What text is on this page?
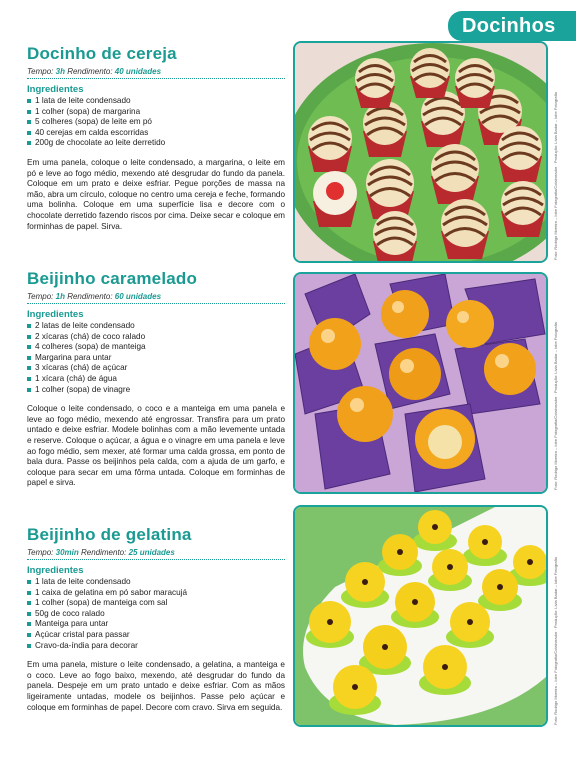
Docinhos
Docinho de cereja
Tempo: 3h Rendimento: 40 unidades
Ingredientes
1 lata de leite condensado
1 colher (sopa) de margarina
5 colheres (sopa) de leite em pó
40 cerejas em calda escorridas
200g de chocolate ao leite derretido

Em uma panela, coloque o leite condensado, a margarina, o leite em pó e leve ao fogo médio, mexendo até desgrudar do fundo da panela. Coloque em um prato e deixe esfriar. Pegue porções de massa na mão, abra um círculo, coloque no centro uma cereja e feche, formando uma bolinha. Coloque em uma superfície lisa e decore com o chocolate derretido fazendo riscos por cima. Deixe secar e coloque em forminhas de papel. Sirva.	Foto: Rodrigo Moreira – Iobe Fotografia/Colaborador · Produção: Lívia Badar – Iobe Fotografia
Beijinho caramelado
Tempo: 1h Rendimento: 60 unidades
Ingredientes
2 latas de leite condensado
2 xícaras (chá) de coco ralado
4 colheres (sopa) de manteiga
Margarina para untar
3 xícaras (chá) de açúcar
1 xícara (chá) de água
1 colher (sopa) de vinagre

Coloque o leite condensado, o coco e a manteiga em uma panela e leve ao fogo médio, mexendo até engrossar. Transfira para um prato untado e deixe esfriar. Modele bolinhas com a mão levemente untada e reserve. Coloque o açúcar, a água e o vinagre em uma panela e leve ao fogo médio, sem mexer, até formar uma calda grossa, em ponto de bala dura. Passe os beijinhos pela calda, com a ajuda de um garfo, e coloque para secar em uma fôrma untada. Coloque em forminhas de papel e sirva.	Foto: Rodrigo Moreira – Iobe Fotografia/Colaborador · Produção: Lívia Badar – Iobe Fotografia
Beijinho de gelatina
Tempo: 30min Rendimento: 25 unidades
Ingredientes
1 lata de leite condensado
1 caixa de gelatina em pó sabor maracujá
1 colher (sopa) de manteiga com sal
50g de coco ralado
Manteiga para untar
Açúcar cristal para passar
Cravo-da-índia para decorar

Em uma panela, misture o leite condensado, a gelatina, a manteiga e o coco. Leve ao fogo baixo, mexendo, até desgrudar do fundo da panela. Despeje em um prato untado e deixe esfriar. Com as mãos ligeiramente untadas, modele os beijinhos. Passe pelo açúcar e coloque em forminhas de papel. Decore com cravo. Sirva em seguida.	Foto: Rodrigo Moreira – Iobe Fotografia/Colaborador · Produção: Lívia Badar – Iobe Fotografia
